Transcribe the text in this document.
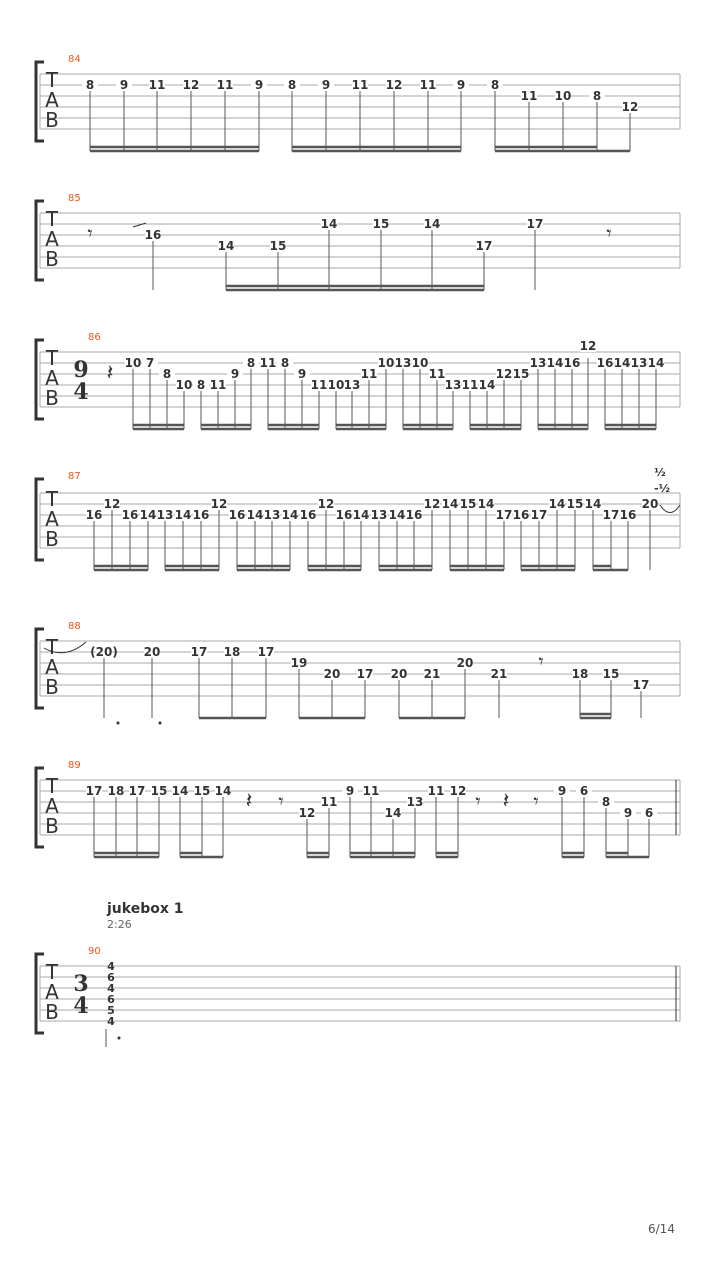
T
A
B
84
8 9 11 12 11 9 8 9 11 12 11 9 8
11 10 8
12
T
A
B
85
16
14	15
14	15	14
17
17
T
A
B
86
9
4
10 7
8
10 8 11
9
8 11 8
9
11 10 13
11
10 13 10
11
13 11 14
12 15
13 14 16
12
16 14 13 14
T
A
B
87
16
12
16 14 13 14 16
12
16 14 13 14 16
12
16 14 13 14 16
12 14 15 14
17 16 17
14 15 14
17 16
20
½
-½
T
A
B
88
(20) 20	17 18 17
19
20 17 20 21
20
21	18 15
17
T
A
B
89
17 18 17 15 14 15 14
12
11
9 11
14
13
11 12	9 6
8
9 6
T
A
B
90
3
4
4
6
4
6
5
4
𝄾	𝄾
𝄽
𝄾
𝄽 𝄾	𝄾 𝄽 𝄾
jukebox 1
2:26
6/14
